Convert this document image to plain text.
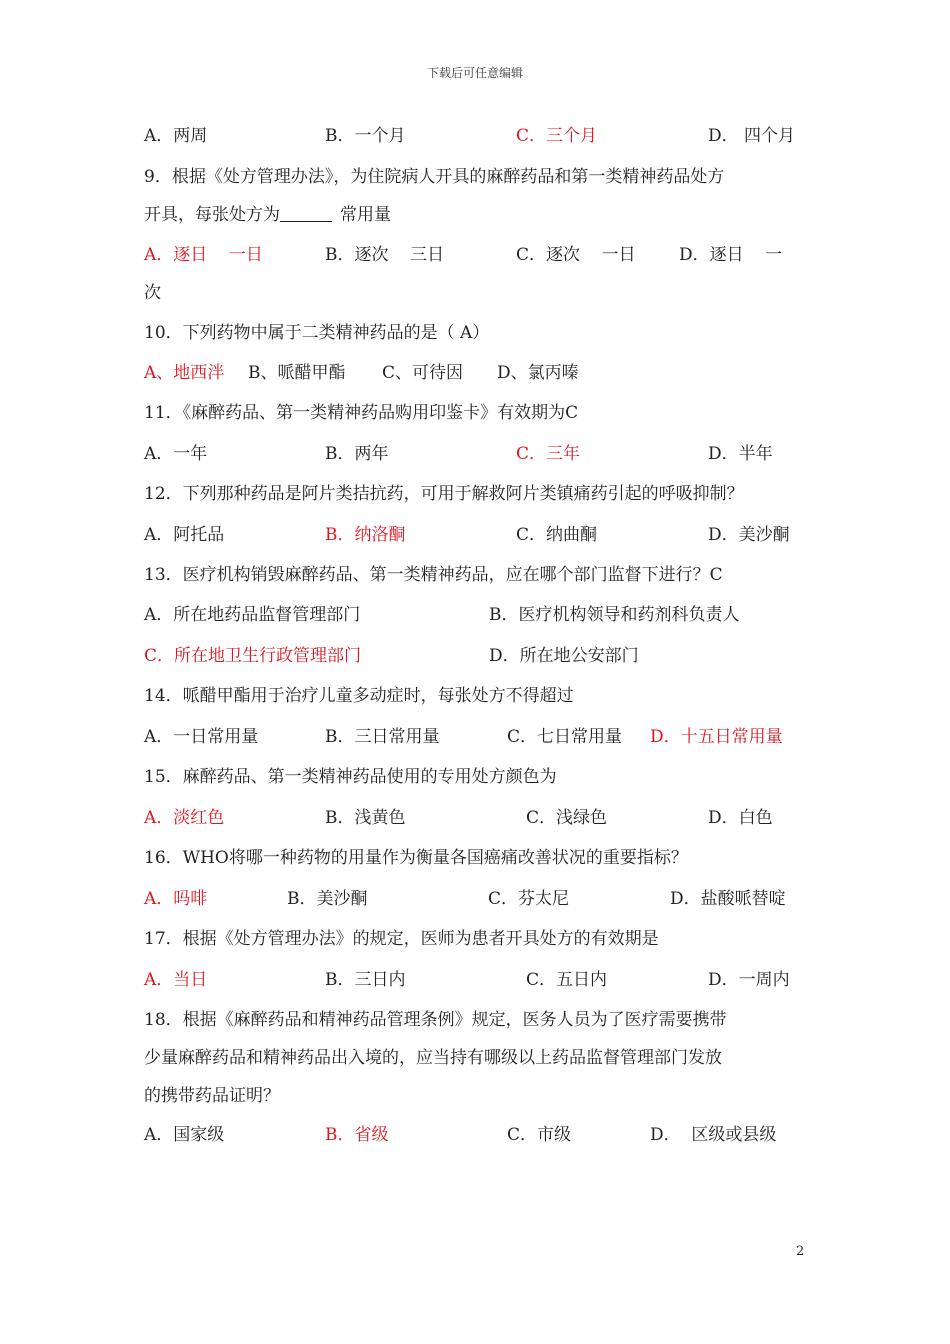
下载后可任意编辑
A．两周	B．一个月	C．三个月	D． 四个月
9．根据《处方管理办法》，为住院病人开具的麻醉药品和第一类精神药品处方
开具，每张处方为	常用量
A．逐日    一日	B．逐次    三日	C．逐次    一日	D．逐日    一
次
10．下列药物中属于二类精神药品的是（ A）
A、地西泮 B、哌醋甲酯 C、可待因 D、氯丙嗪
11．《麻醉药品、第一类精神药品购用印鉴卡》有效期为C
A．一年	B．两年	C．三年	D．半年
12．下列那种药品是阿片类拮抗药，可用于解救阿片类镇痛药引起的呼吸抑制？
A．阿托品	B．纳洛酮	C．纳曲酮	D．美沙酮
13．医疗机构销毁麻醉药品、第一类精神药品，应在哪个部门监督下进行？C
A．所在地药品监督管理部门	B．医疗机构领导和药剂科负责人
C．所在地卫生行政管理部门	D．所在地公安部门
14．哌醋甲酯用于治疗儿童多动症时，每张处方不得超过
A．一日常用量	B．三日常用量	C．七日常用量 D．十五日常用量
15．麻醉药品、第一类精神药品使用的专用处方颜色为
A．淡红色	B．浅黄色	C．浅绿色	D．白色
16．WHO将哪一种药物的用量作为衡量各国癌痛改善状况的重要指标？
A．吗啡	B．美沙酮	C．芬太尼	D．盐酸哌替啶
17．根据《处方管理办法》的规定，医师为患者开具处方的有效期是
A．当日	B．三日内	C．五日内	D．一周内
18．根据《麻醉药品和精神药品管理条例》规定，医务人员为了医疗需要携带
少量麻醉药品和精神药品出入境的，应当持有哪级以上药品监督管理部门发放
的携带药品证明？
A．国家级	B．省级	C．市级	D．  区级或县级
2
